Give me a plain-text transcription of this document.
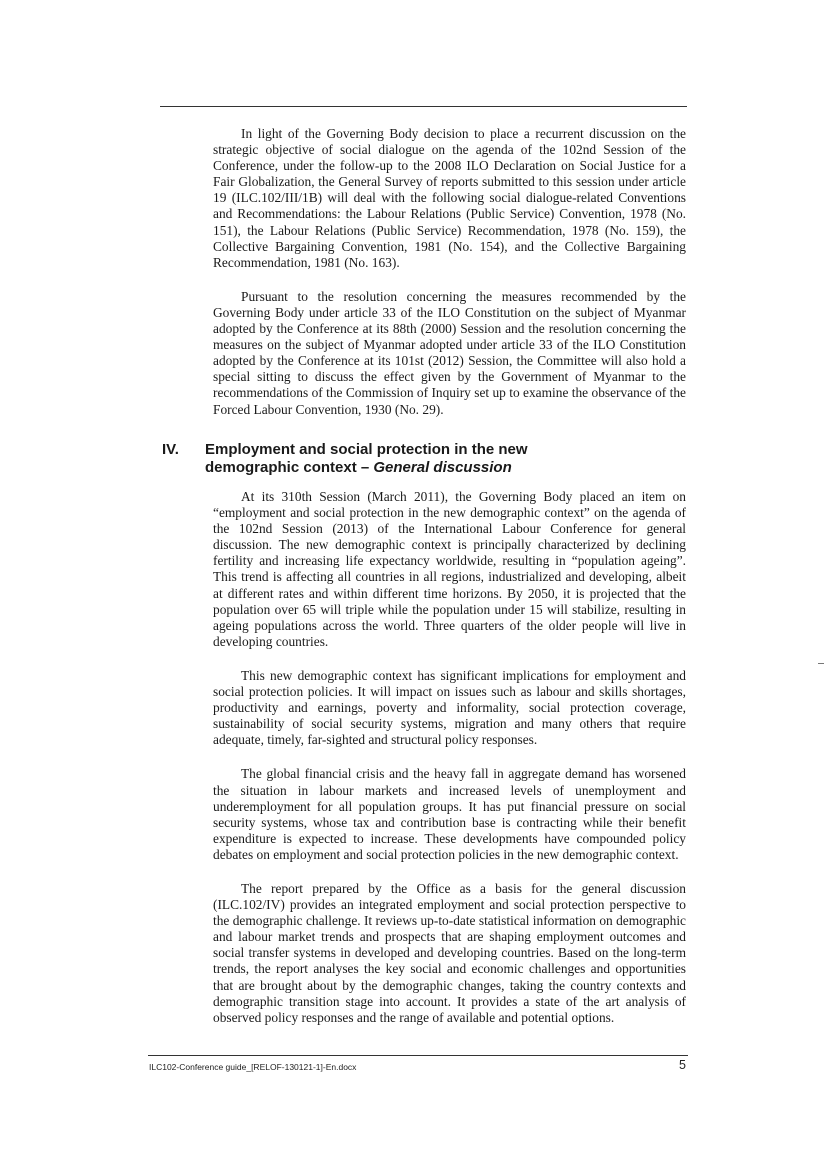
In light of the Governing Body decision to place a recurrent discussion on the strategic objective of social dialogue on the agenda of the 102nd Session of the Conference, under the follow-up to the 2008 ILO Declaration on Social Justice for a Fair Globalization, the General Survey of reports submitted to this session under article 19 (ILC.102/III/1B) will deal with the following social dialogue-related Conventions and Recommendations: the Labour Relations (Public Service) Convention, 1978 (No. 151), the Labour Relations (Public Service) Recommendation, 1978 (No. 159), the Collective Bargaining Convention, 1981 (No. 154), and the Collective Bargaining Recommendation, 1981 (No. 163).

Pursuant to the resolution concerning the measures recommended by the Governing Body under article 33 of the ILO Constitution on the subject of Myanmar adopted by the Conference at its 88th (2000) Session and the resolution concerning the measures on the subject of Myanmar adopted under article 33 of the ILO Constitution adopted by the Conference at its 101st (2012) Session, the Committee will also hold a special sitting to discuss the effect given by the Government of Myanmar to the recommendations of the Commission of Inquiry set up to examine the observance of the Forced Labour Convention, 1930 (No. 29).

IV. Employment and social protection in the new demographic context – General discussion

At its 310th Session (March 2011), the Governing Body placed an item on “employment and social protection in the new demographic context” on the agenda of the 102nd Session (2013) of the International Labour Conference for general discussion. The new demographic context is principally characterized by declining fertility and increasing life expectancy worldwide, resulting in “population ageing”. This trend is affecting all countries in all regions, industrialized and developing, albeit at different rates and within different time horizons. By 2050, it is projected that the population over 65 will triple while the population under 15 will stabilize, resulting in ageing populations across the world. Three quarters of the older people will live in developing countries.

This new demographic context has significant implications for employment and social protection policies. It will impact on issues such as labour and skills shortages, productivity and earnings, poverty and informality, social protection coverage, sustainability of social security systems, migration and many others that require adequate, timely, far-sighted and structural policy responses.

The global financial crisis and the heavy fall in aggregate demand has worsened the situation in labour markets and increased levels of unemployment and underemployment for all population groups. It has put financial pressure on social security systems, whose tax and contribution base is contracting while their benefit expenditure is expected to increase. These developments have compounded policy debates on employment and social protection policies in the new demographic context.

The report prepared by the Office as a basis for the general discussion (ILC.102/IV) provides an integrated employment and social protection perspective to the demographic challenge. It reviews up-to-date statistical information on demographic and labour market trends and prospects that are shaping employment outcomes and social transfer systems in developed and developing countries. Based on the long-term trends, the report analyses the key social and economic challenges and opportunities that are brought about by the demographic changes, taking the country contexts and demographic transition stage into account. It provides a state of the art analysis of observed policy responses and the range of available and potential options.

ILC102-Conference guide_[RELOF-130121-1]-En.docx	5
